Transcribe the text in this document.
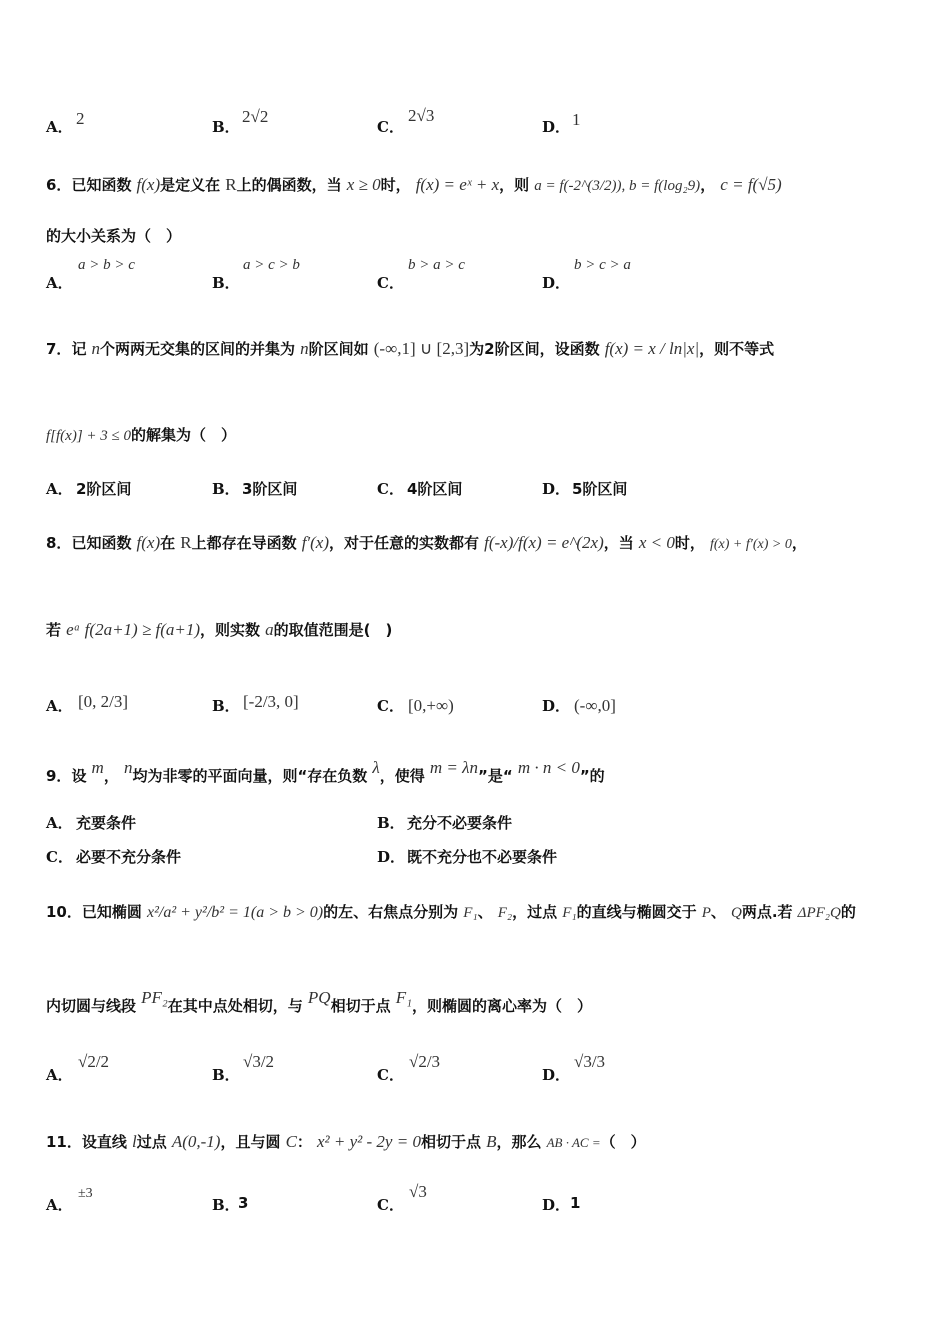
A． 2	B．
2√2
C．
2√3
D． 1
6．已知函数 f(x)是定义在 R上的偶函数，当 x ≥ 0时， f(x) = eˣ + x，则 a = f(-2^(3/2)), b = f(log₂9)， c = f(√5)
的大小关系为（　）
A．
a > b > c
B．
a > c > b
C．
b > a > c
D．
b > c > a
7．记 n个两两无交集的区间的并集为 n阶区间如 (-∞,1] ∪ [2,3]为2阶区间，设函数 f(x) = x / ln|x|，则不等式
f[f(x)] + 3 ≤ 0的解集为（　）
A． 2阶区间	B． 3阶区间	C． 4阶区间	D． 5阶区间
8．已知函数 f(x)在 R上都存在导函数 f′(x)，对于任意的实数都有 f(-x)/f(x) = e^(2x)，当 x < 0时， f(x) + f′(x) > 0，
若 eᵃ f(2a+1) ≥ f(a+1)，则实数 a的取值范围是(　)
A． [0, 2/3]	B． [-2/3, 0]	C． [0,+∞)	D． (-∞,0]
9．设 m， n均为非零的平面向量，则“存在负数 λ，使得 m = λn”是“ m · n < 0”的
A． 充要条件	B． 充分不必要条件
C． 必要不充分条件	D． 既不充分也不必要条件
10．已知椭圆 x²/a² + y²/b² = 1(a > b > 0)的左、右焦点分别为 F₁、 F₂，过点 F₁的直线与椭圆交于 P、 Q两点.若 ΔPF₂Q的
内切圆与线段 PF₂在其中点处相切，与 PQ相切于点 F₁，则椭圆的离心率为（　）
A．
√2/2
B．
√3/2
C．
√2/3
D．
√3/3
11．设直线 l过点 A(0,-1)，且与圆 C： x² + y² - 2y = 0相切于点 B，那么 AB · AC =（　）
A．
±3
B．
3	C．
√3
D． 1
